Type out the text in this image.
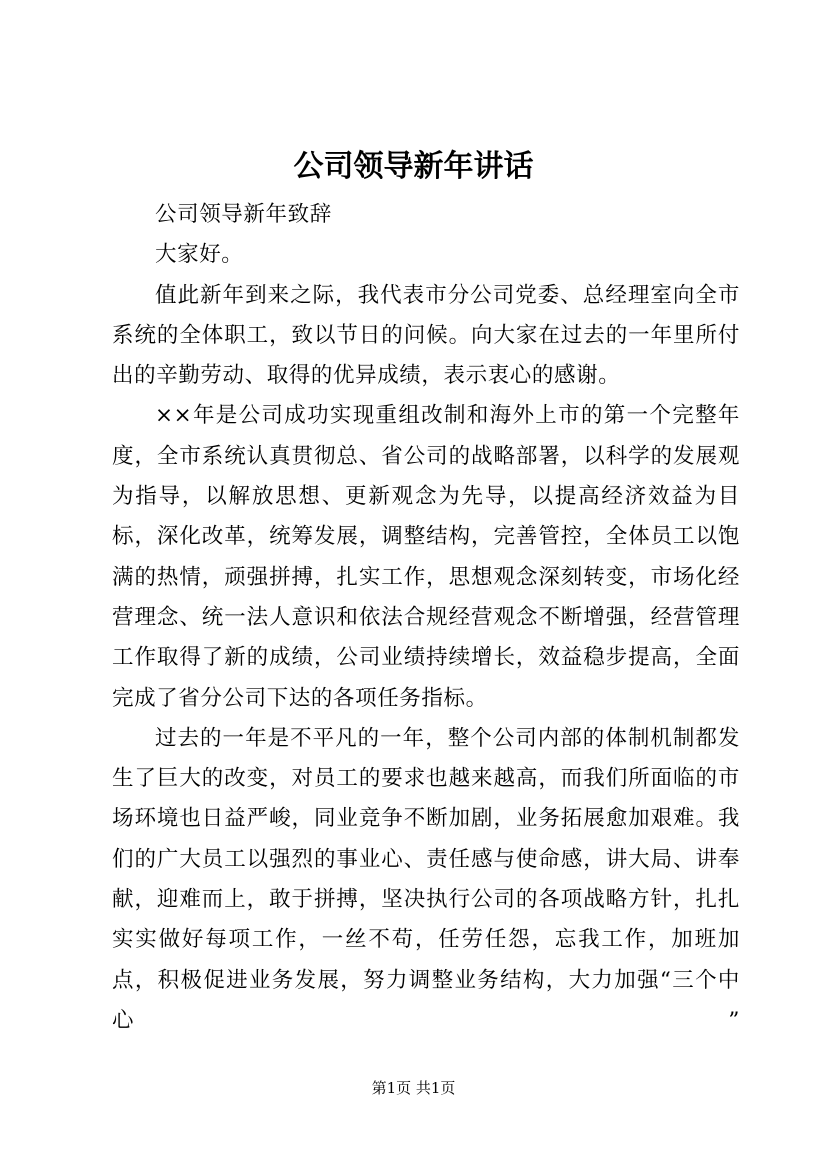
公司领导新年讲话

公司领导新年致辞

大家好。

值此新年到来之际，我代表市分公司党委、总经理室向全市系统的全体职工，致以节日的问候。向大家在过去的一年里所付出的辛勤劳动、取得的优异成绩，表示衷心的感谢。

××年是公司成功实现重组改制和海外上市的第一个完整年度，全市系统认真贯彻总、省公司的战略部署，以科学的发展观为指导，以解放思想、更新观念为先导，以提高经济效益为目标，深化改革，统筹发展，调整结构，完善管控，全体员工以饱满的热情，顽强拼搏，扎实工作，思想观念深刻转变，市场化经营理念、统一法人意识和依法合规经营观念不断增强，经营管理工作取得了新的成绩，公司业绩持续增长，效益稳步提高，全面完成了省分公司下达的各项任务指标。

过去的一年是不平凡的一年，整个公司内部的体制机制都发生了巨大的改变，对员工的要求也越来越高，而我们所面临的市场环境也日益严峻，同业竞争不断加剧，业务拓展愈加艰难。我们的广大员工以强烈的事业心、责任感与使命感，讲大局、讲奉献，迎难而上，敢于拼搏，坚决执行公司的各项战略方针，扎扎实实做好每项工作，一丝不苟，任劳任怨，忘我工作，加班加点，积极促进业务发展，努力调整业务结构，大力加强“三个中心”

第1页 共1页
